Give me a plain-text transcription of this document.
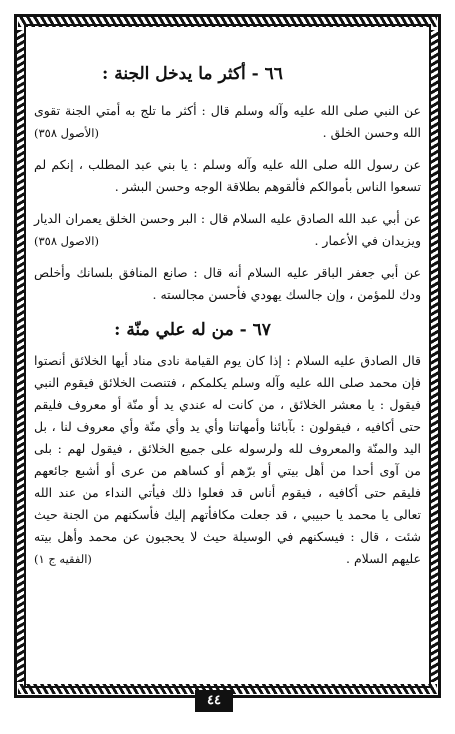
٦٦ - أكثر ما يدخل الجنة :

عن النبي صلى الله عليه وآله وسلم قال : أكثر ما تلج به أمتي الجنة تقوى الله وحسن الخلق .
(الأصول ٣٥٨)

عن رسول الله صلى الله عليه وآله وسلم : يا بني عبد المطلب ، إنكم لم تسعوا الناس بأموالكم فألقوهم بطلاقة الوجه وحسن البشر .

عن أبي عبد الله الصادق عليه السلام قال : البر وحسن الخلق يعمران الديار ويزيدان في الأعمار .
(الاصول ٣٥٨)

عن أبي جعفر الباقر عليه السلام أنه قال : صانع المنافق بلسانك وأخلص ودك للمؤمن ، وإن جالسك يهودي فأحسن مجالسته .

٦٧ - من له علي منّة :

قال الصادق عليه السلام : إذا كان يوم القيامة نادى مناد أيها الخلائق أنصتوا فإن محمد صلى الله عليه وآله وسلم يكلمكم ، فتنصت الخلائق فيقوم النبي فيقول : يا معشر الخلائق ، من كانت له عندي يد أو منّة أو معروف فليقم حتى أكافيه ، فيقولون : بآبائنا وأمهاتنا وأي يد وأي منّة وأي معروف لنا ، بل اليد والمنّة والمعروف لله ولرسوله على جميع الخلائق ، فيقول لهم : بلى من آوى أحدا من أهل بيتي أو برّهم أو كساهم من عرى أو أشبع جائعهم فليقم حتى أكافيه ، فيقوم أناس قد فعلوا ذلك فيأتي النداء من عند الله تعالى يا محمد يا حبيبي ، قد جعلت مكافأتهم إليك فأسكنهم من الجنة حيث شئت ، قال : فيسكنهم في الوسيلة حيث لا يحجبون عن محمد وأهل بيته عليهم السلام .
(الفقيه ج ١)

٤٤
